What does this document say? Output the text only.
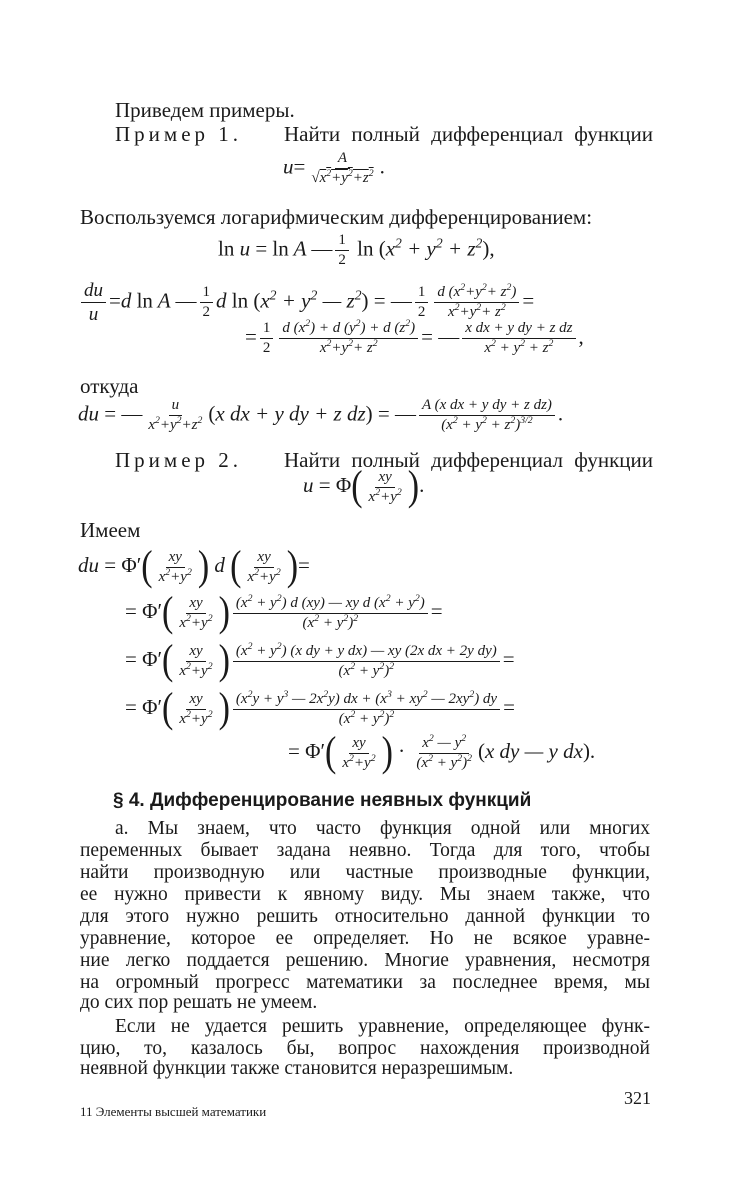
Приведем примеры.
Пример 1. Найти полный дифференциал функции
$u= \frac{A}{√x^2+y^2+z^2}$ .
Воспользуемся логарифмическим дифференцированием:
ln u = ln A — $\frac{1}{2}$ $\ln (x^2 + y^2 + z^2)$,
$\frac{du}{u} =d$ ln A — $\frac{1}{2}$ d $\ln (x^2 + y^2$ — $z^2$) = — $\frac{1}{2} \frac{d (x^2+y^2+ z^2)}{x^2+y^2+ z^2}$ =
= $\frac{1}{2} \frac{d (x^2) + d (y^2) + d (z^2)}{x^2+y^2+ z^2}$ = — $\frac{\text{x dx + y dy + z dz}}{x^2 + y^2 + z^2}$ ,
откуда
du = — $\frac{u}{x^2+y^2+z^2} (x$ dx + y dy + z dz) = — $\frac{\text{A (x dx + y dy + z dz)}}{(x^2 + y^2 + z^2)^{3/2}}$ .
Пример 2. Найти полный дифференциал функции
$u = \Phi( \frac{xy}{x^2+y^2}$ ).
Имеем
du = $\Phi'( \frac{xy}{x^2+y^2}$ ) d ( $\frac{xy}{x^2+y^2}$ )=
= $\Phi'( \frac{xy}{x^2+y^2}$ ) $\frac{(x^2 + y^2) d (xy) — xy d (x^2 + y^2)}{(x^2 + y^2)^2}$ =
= $\Phi'( \frac{xy}{x^2+y^2}$ ) $\frac{(x^2 + y^2) (x dy + y dx) — xy (2x dx + 2y dy)}{(x^2 + y^2)^2}$ =
= $\Phi'( \frac{xy}{x^2+y^2}$ ) $\frac{(x^2y + y^3 — 2x^2y) dx + (x^3 + xy^2 — 2xy^2) dy}{(x^2 + y^2)^2}$ =
= $\Phi'( \frac{xy}{x^2+y^2}$ ) · $\frac{x^2 — y^2}{(x^2 + y^2)^2} (x$ dy — y dx).
§ 4. Дифференцирование неявных функций
а. Мы знаем, что часто функция одной или многих
переменных бывает задана неявно. Тогда для того, чтобы
найти производную или частные производные функции,
ее нужно привести к явному виду. Мы знаем также, что
для этого нужно решить относительно данной функции то
уравнение, которое ее определяет. Но не всякое уравне-
ние легко поддается решению. Многие уравнения, несмотря
на огромный прогресс математики за последнее время, мы
до сих пор решать не умеем.
Если не удается решить уравнение, определяющее функ-
цию, то, казалось бы, вопрос нахождения производной
неявной функции также становится неразрешимым.
321
11 Элементы высшей математики
